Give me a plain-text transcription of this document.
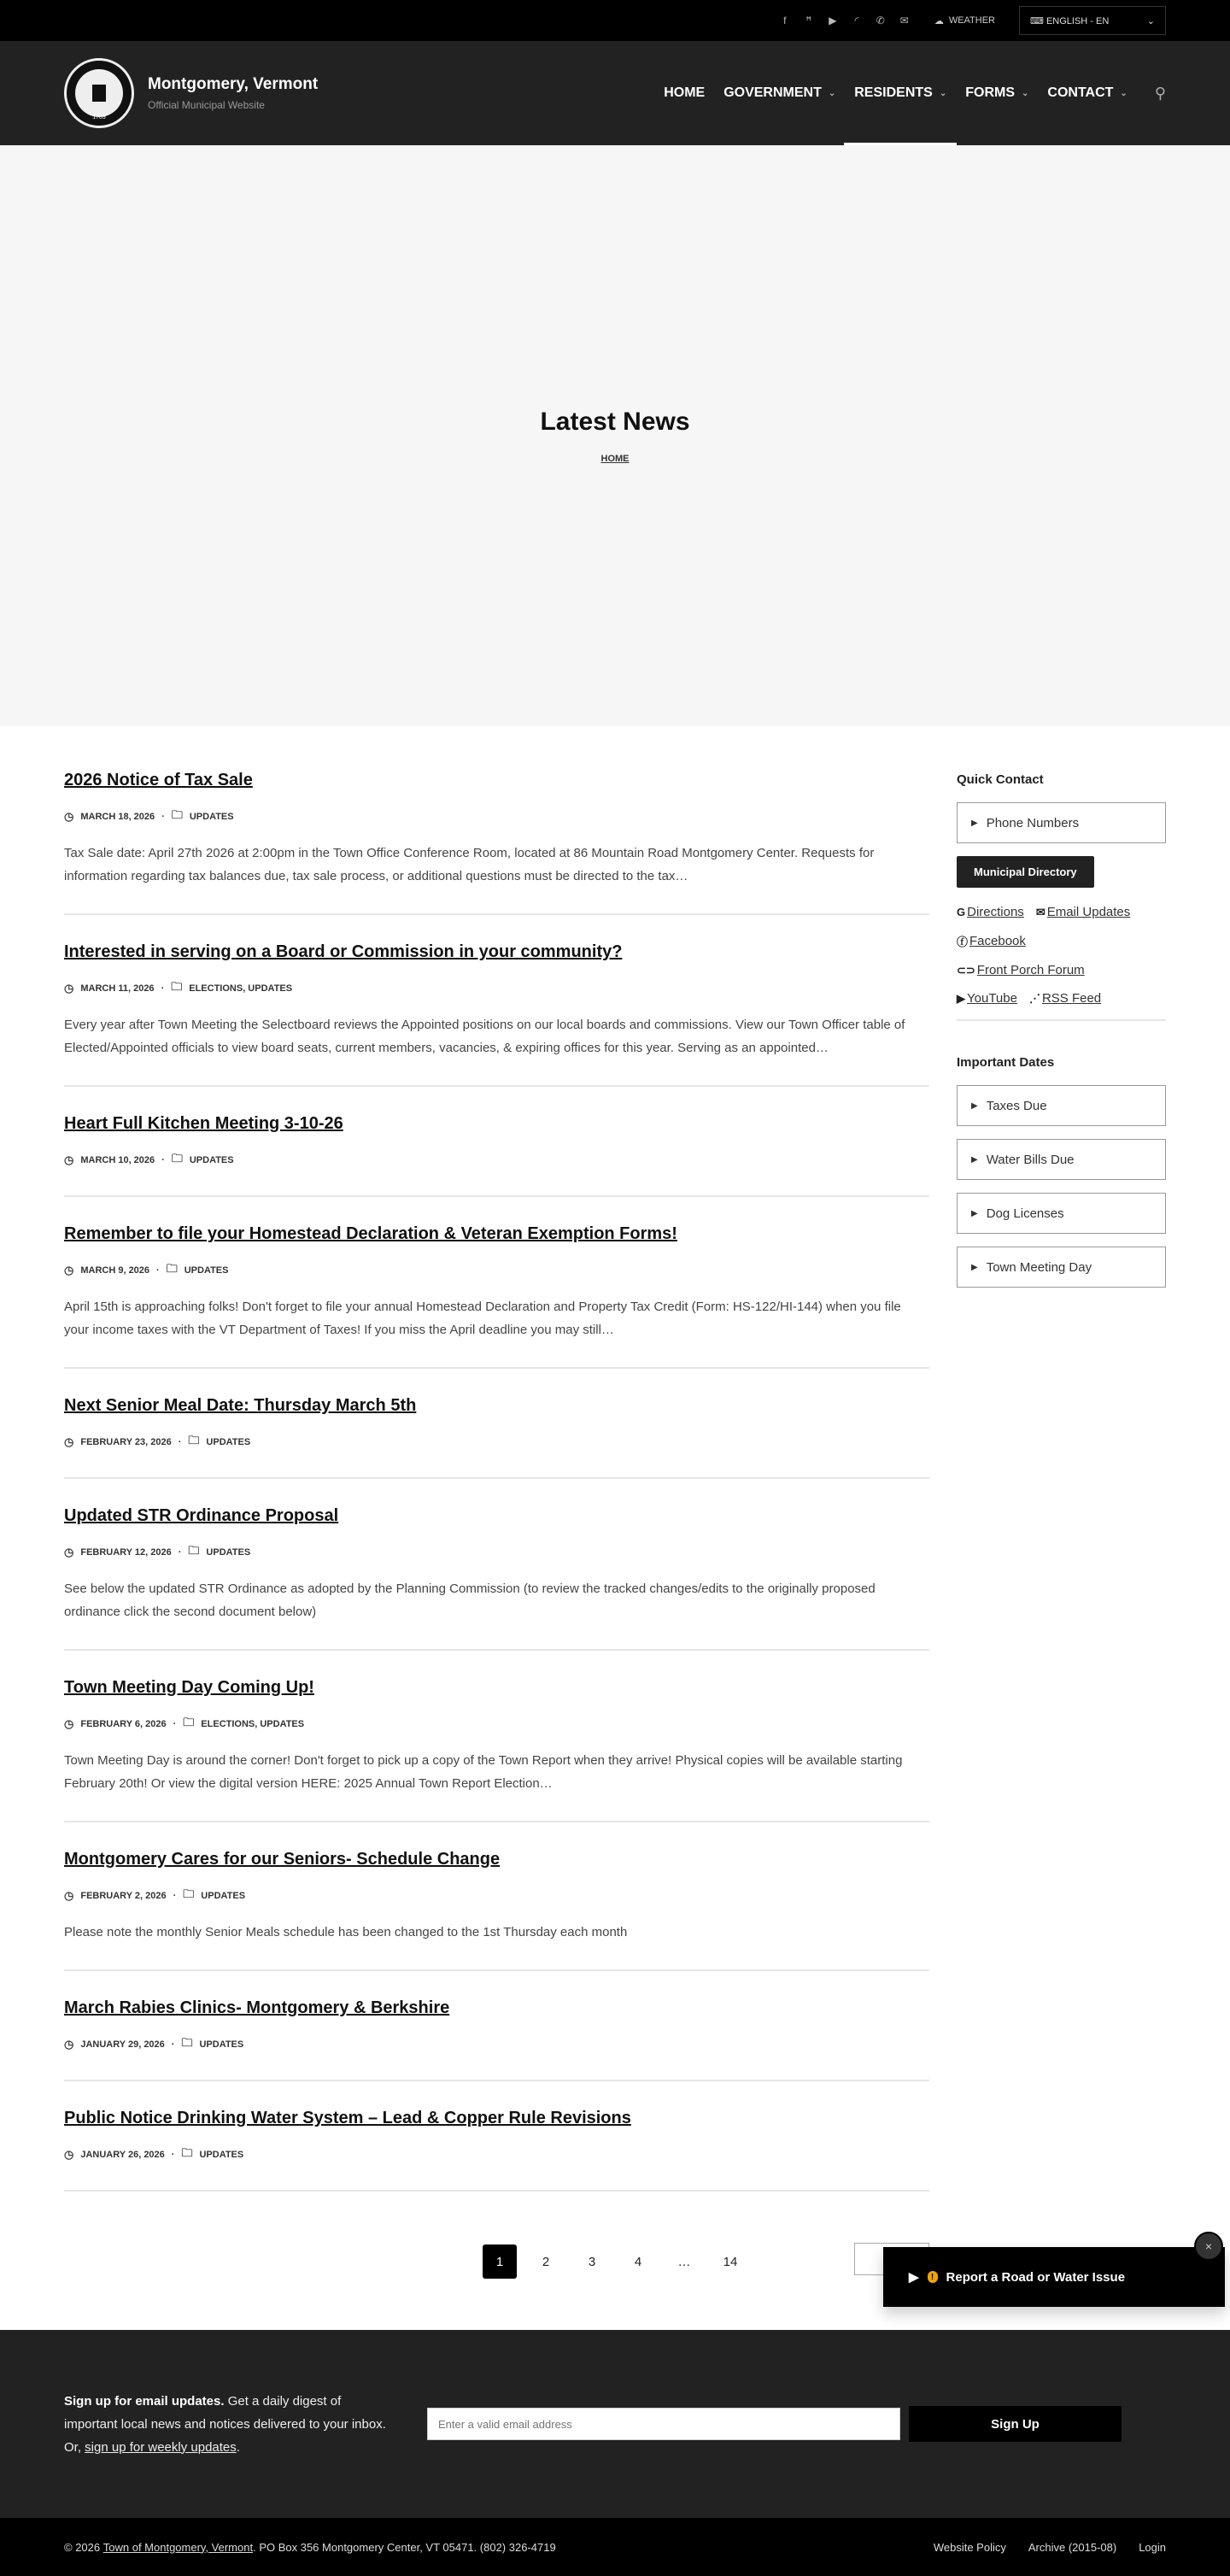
f	ꟸ ▶	◜	✆ ✉	☁ WEATHER	⌨ ENGLISH - EN	⌄
1789
Montgomery, Vermont

Official Municipal Website

HOME GOVERNMENT ⌄ RESIDENTS ⌄ FORMS ⌄ CONTACT ⌄ ⚲
Latest News
HOME
2026 Notice of Tax Sale
◷ MARCH 18, 2026 · 🗀 UPDATES

Tax Sale date: April 27th 2026 at 2:00pm in the Town Office Conference Room, located at 86 Mountain Road Montgomery Center. Requests for information regarding tax balances due, tax sale process, or additional questions must be directed to the tax…

Interested in serving on a Board or Commission in your community?
◷ MARCH 11, 2026 · 🗀 ELECTIONS, UPDATES

Every year after Town Meeting the Selectboard reviews the Appointed positions on our local boards and commissions. View our Town Officer table of Elected/Appointed officials to view board seats, current members, vacancies, & expiring offices for this year. Serving as an appointed…

Heart Full Kitchen Meeting 3-10-26
◷ MARCH 10, 2026 · 🗀 UPDATES
Remember to file your Homestead Declaration & Veteran Exemption Forms!
◷ MARCH 9, 2026 · 🗀 UPDATES

April 15th is approaching folks! Don't forget to file your annual Homestead Declaration and Property Tax Credit (Form: HS-122/HI-144) when you file your income taxes with the VT Department of Taxes! If you miss the April deadline you may still…

Next Senior Meal Date: Thursday March 5th
◷ FEBRUARY 23, 2026 · 🗀 UPDATES
Updated STR Ordinance Proposal
◷ FEBRUARY 12, 2026 · 🗀 UPDATES

See below the updated STR Ordinance as adopted by the Planning Commission (to review the tracked changes/edits to the originally proposed ordinance click the second document below)

Town Meeting Day Coming Up!
◷ FEBRUARY 6, 2026 · 🗀 ELECTIONS, UPDATES

Town Meeting Day is around the corner! Don't forget to pick up a copy of the Town Report when they arrive! Physical copies will be available starting February 20th! Or view the digital version HERE: 2025 Annual Town Report Election…

Montgomery Cares for our Seniors- Schedule Change
◷ FEBRUARY 2, 2026 · 🗀 UPDATES

Please note the monthly Senior Meals schedule has been changed to the 1st Thursday each month

March Rabies Clinics- Montgomery & Berkshire
◷ JANUARY 29, 2026 · 🗀 UPDATES
Public Notice Drinking Water System – Lead & Copper Rule Revisions
◷ JANUARY 26, 2026 · 🗀 UPDATES
Quick Contact
▶ Phone Numbers
Municipal Directory
G Directions ✉ Email Updates
ⓕ Facebook
⊂⊃ Front Porch Forum
▶ YouTube ⋰ RSS Feed
Important Dates
▶ Taxes Due
▶ Water Bills Due
▶ Dog Licenses
▶ Town Meeting Day
1	2	3	4	…	14
▶	! Report a Road or Water Issue
×
Sign up for email updates. Get a daily digest of important local news and notices delivered to your inbox. Or, sign up for weekly updates.
Enter a valid email address
Sign Up
© 2026
Town of Montgomery, Vermont . PO Box 356 Montgomery Center, VT 05471. (802) 326-4719	Website Policy Archive (2015-08) Login
